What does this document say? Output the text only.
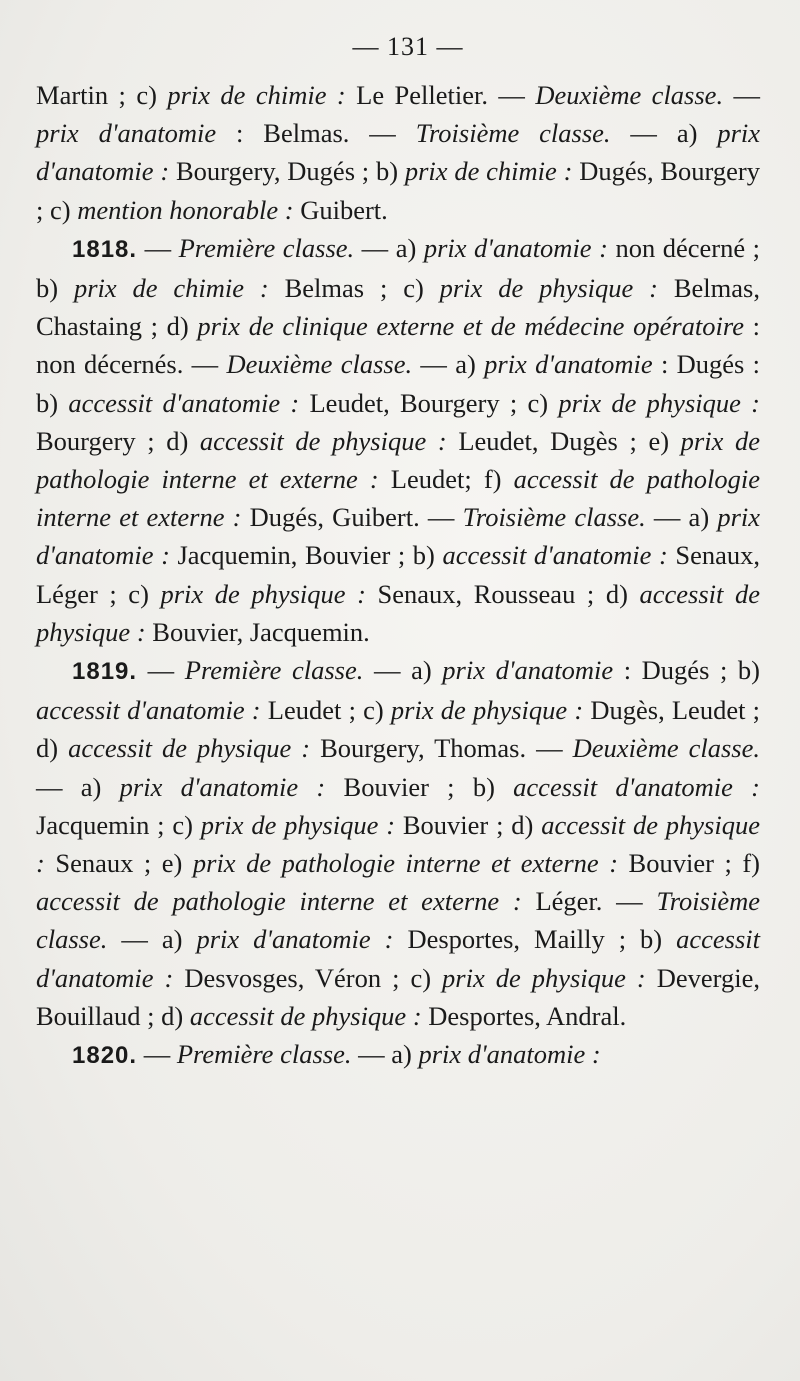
— 131 —

Martin ; c) prix de chimie : Le Pelletier. — Deuxième classe. — prix d'anatomie : Belmas. — Troisième classe. — a) prix d'anatomie : Bourgery, Dugés ; b) prix de chimie : Dugés, Bourgery ; c) mention honorable : Guibert.

1818. — Première classe. — a) prix d'anatomie : non décerné ; b) prix de chimie : Belmas ; c) prix de physique : Belmas, Chastaing ; d) prix de clinique externe et de médecine opératoire : non décernés. — Deuxième classe. — a) prix d'anatomie : Dugés : b) accessit d'anatomie : Leudet, Bourgery ; c) prix de physique : Bourgery ; d) accessit de physique : Leudet, Dugès ; e) prix de pathologie interne et externe : Leudet; f) accessit de pathologie interne et externe : Dugés, Guibert. — Troisième classe. — a) prix d'anatomie : Jacquemin, Bouvier ; b) accessit d'anatomie : Senaux, Léger ; c) prix de physique : Senaux, Rousseau ; d) accessit de physique : Bouvier, Jacquemin.

1819. — Première classe. — a) prix d'anatomie : Dugés ; b) accessit d'anatomie : Leudet ; c) prix de physique : Dugès, Leudet ; d) accessit de physique : Bourgery, Thomas. — Deuxième classe. — a) prix d'anatomie : Bouvier ; b) accessit d'anatomie : Jacquemin ; c) prix de physique : Bouvier ; d) accessit de physique : Senaux ; e) prix de pathologie interne et externe : Bouvier ; f) accessit de pathologie interne et externe : Léger. — Troisième classe. — a) prix d'anatomie : Desportes, Mailly ; b) accessit d'anatomie : Desvosges, Véron ; c) prix de physique : Devergie, Bouillaud ; d) accessit de physique : Desportes, Andral.

1820. — Première classe. — a) prix d'anatomie :
